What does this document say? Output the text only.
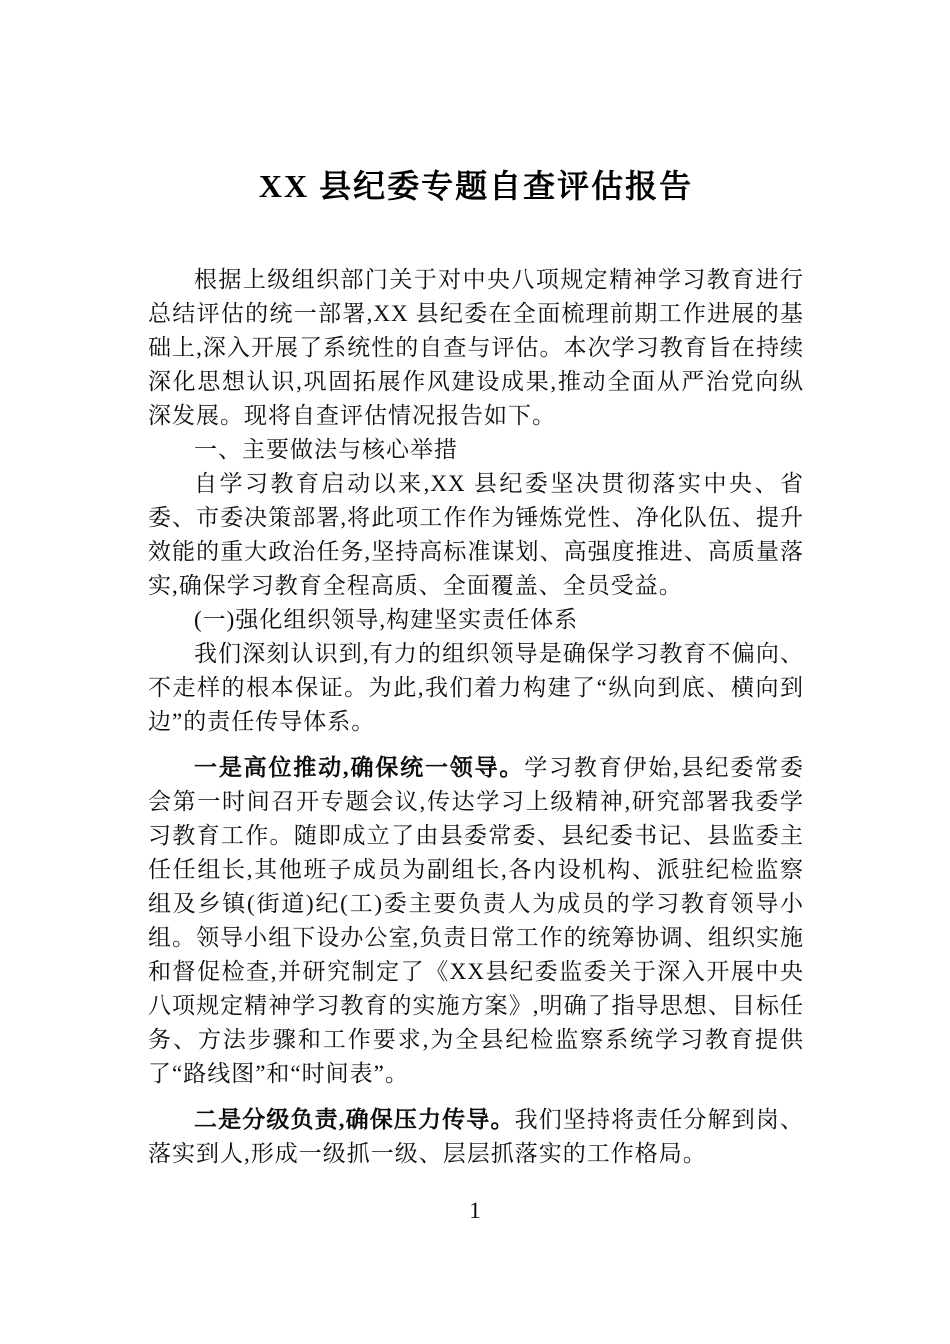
XX 县纪委专题自查评估报告

根据上级组织部门关于对中央八项规定精神学习教育进行总结评估的统一部署,XX 县纪委在全面梳理前期工作进展的基础上,深入开展了系统性的自查与评估。本次学习教育旨在持续深化思想认识,巩固拓展作风建设成果,推动全面从严治党向纵深发展。现将自查评估情况报告如下。

一、主要做法与核心举措

自学习教育启动以来,XX 县纪委坚决贯彻落实中央、省委、市委决策部署,将此项工作作为锤炼党性、净化队伍、提升效能的重大政治任务,坚持高标准谋划、高强度推进、高质量落实,确保学习教育全程高质、全面覆盖、全员受益。

(一)强化组织领导,构建坚实责任体系

我们深刻认识到,有力的组织领导是确保学习教育不偏向、不走样的根本保证。为此,我们着力构建了“纵向到底、横向到边”的责任传导体系。

一是高位推动,确保统一领导。学习教育伊始,县纪委常委会第一时间召开专题会议,传达学习上级精神,研究部署我委学习教育工作。随即成立了由县委常委、县纪委书记、县监委主任任组长,其他班子成员为副组长,各内设机构、派驻纪检监察组及乡镇(街道)纪(工)委主要负责人为成员的学习教育领导小组。领导小组下设办公室,负责日常工作的统筹协调、组织实施和督促检查,并研究制定了《XX县纪委监委关于深入开展中央八项规定精神学习教育的实施方案》,明确了指导思想、目标任务、方法步骤和工作要求,为全县纪检监察系统学习教育提供了“路线图”和“时间表”。

二是分级负责,确保压力传导。我们坚持将责任分解到岗、落实到人,形成一级抓一级、层层抓落实的工作格局。

1
